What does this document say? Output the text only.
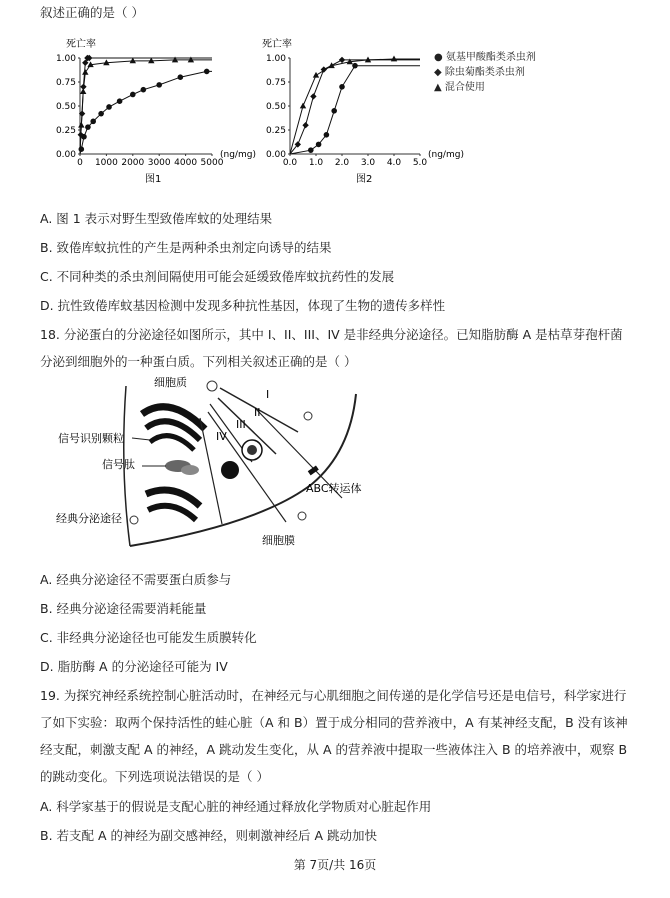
叙述正确的是（ ）
死亡率
1.00
0.75
0.50
0.25
0.00
0 1000 2000 3000 4000 5000
(ng/mg)
图1
死亡率
1.00
0.75
0.50
0.25
0.00
0.0 1.0 2.0 3.0 4.0 5.0
(ng/mg)
图2
● 氨基甲酸酯类杀虫剂
◆ 除虫菊酯类杀虫剂
▲ 混合使用
A. 图 1 表示对野生型致倦库蚊的处理结果
B. 致倦库蚊抗性的产生是两种杀虫剂定向诱导的结果
C. 不同种类的杀虫剂间隔使用可能会延缓致倦库蚊抗药性的发展
D. 抗性致倦库蚊基因检测中发现多种抗性基因，体现了生物的遗传多样性
18. 分泌蛋白的分泌途径如图所示，其中 I、II、III、IV 是非经典分泌途径。已知脂肪酶 A 是枯草芽孢杆菌
分泌到细胞外的一种蛋白质。下列相关叙述正确的是（ ）
细胞质
信号识别颗粒
信号肽
经典分泌途径
细胞膜
ABC转运体
I
II
III
IV
A. 经典分泌途径不需要蛋白质参与
B. 经典分泌途径需要消耗能量
C. 非经典分泌途径也可能发生质膜转化
D. 脂肪酶 A 的分泌途径可能为 IV
19. 为探究神经系统控制心脏活动时，在神经元与心肌细胞之间传递的是化学信号还是电信号，科学家进行
了如下实验：取两个保持活性的蛙心脏（A 和 B）置于成分相同的营养液中，A 有某神经支配，B 没有该神
经支配，刺激支配 A 的神经，A 跳动发生变化，从 A 的营养液中提取一些液体注入 B 的培养液中，观察 B
的跳动变化。下列选项说法错误的是（ ）
A. 科学家基于的假说是支配心脏的神经通过释放化学物质对心脏起作用
B. 若支配 A 的神经为副交感神经，则刺激神经后 A 跳动加快
第 7页/共 16页
